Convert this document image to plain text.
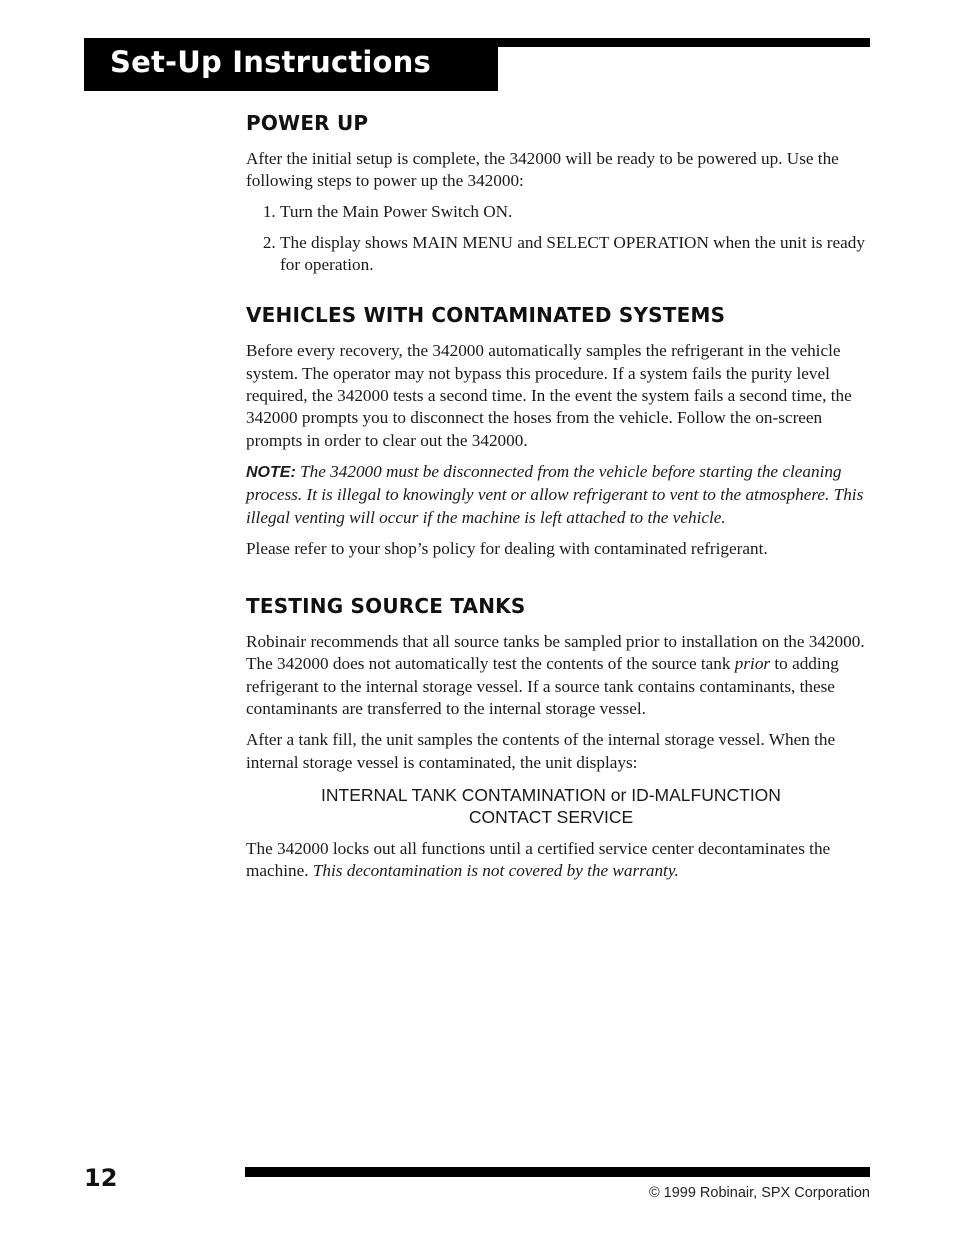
Set-Up Instructions
POWER UP

After the initial setup is complete, the 342000 will be ready to be powered up. Use the following steps to power up the 342000:

1. Turn the Main Power Switch ON.
2. The display shows MAIN MENU and SELECT OPERATION when the unit is ready for operation.
VEHICLES WITH CONTAMINATED SYSTEMS

Before every recovery, the 342000 automatically samples the refrigerant in the vehicle system. The operator may not bypass this procedure. If a system fails the purity level required, the 342000 tests a second time. In the event the system fails a second time, the 342000 prompts you to disconnect the hoses from the vehicle. Follow the on-screen prompts in order to clear out the 342000.

NOTE: The 342000 must be disconnected from the vehicle before starting the cleaning process. It is illegal to knowingly vent or allow refrigerant to vent to the atmosphere. This illegal venting will occur if the machine is left attached to the vehicle.

Please refer to your shop’s policy for dealing with contaminated refrigerant.

TESTING SOURCE TANKS

Robinair recommends that all source tanks be sampled prior to installation on the 342000. The 342000 does not automatically test the contents of the source tank prior to adding refrigerant to the internal storage vessel. If a source tank contains contaminants, these contaminants are transferred to the internal storage vessel.

After a tank fill, the unit samples the contents of the internal storage vessel. When the internal storage vessel is contaminated, the unit displays:

INTERNAL TANK CONTAMINATION or ID-MALFUNCTION
CONTACT SERVICE

The 342000 locks out all functions until a certified service center decontaminates the machine. This decontamination is not covered by the warranty.

12
© 1999 Robinair, SPX Corporation
